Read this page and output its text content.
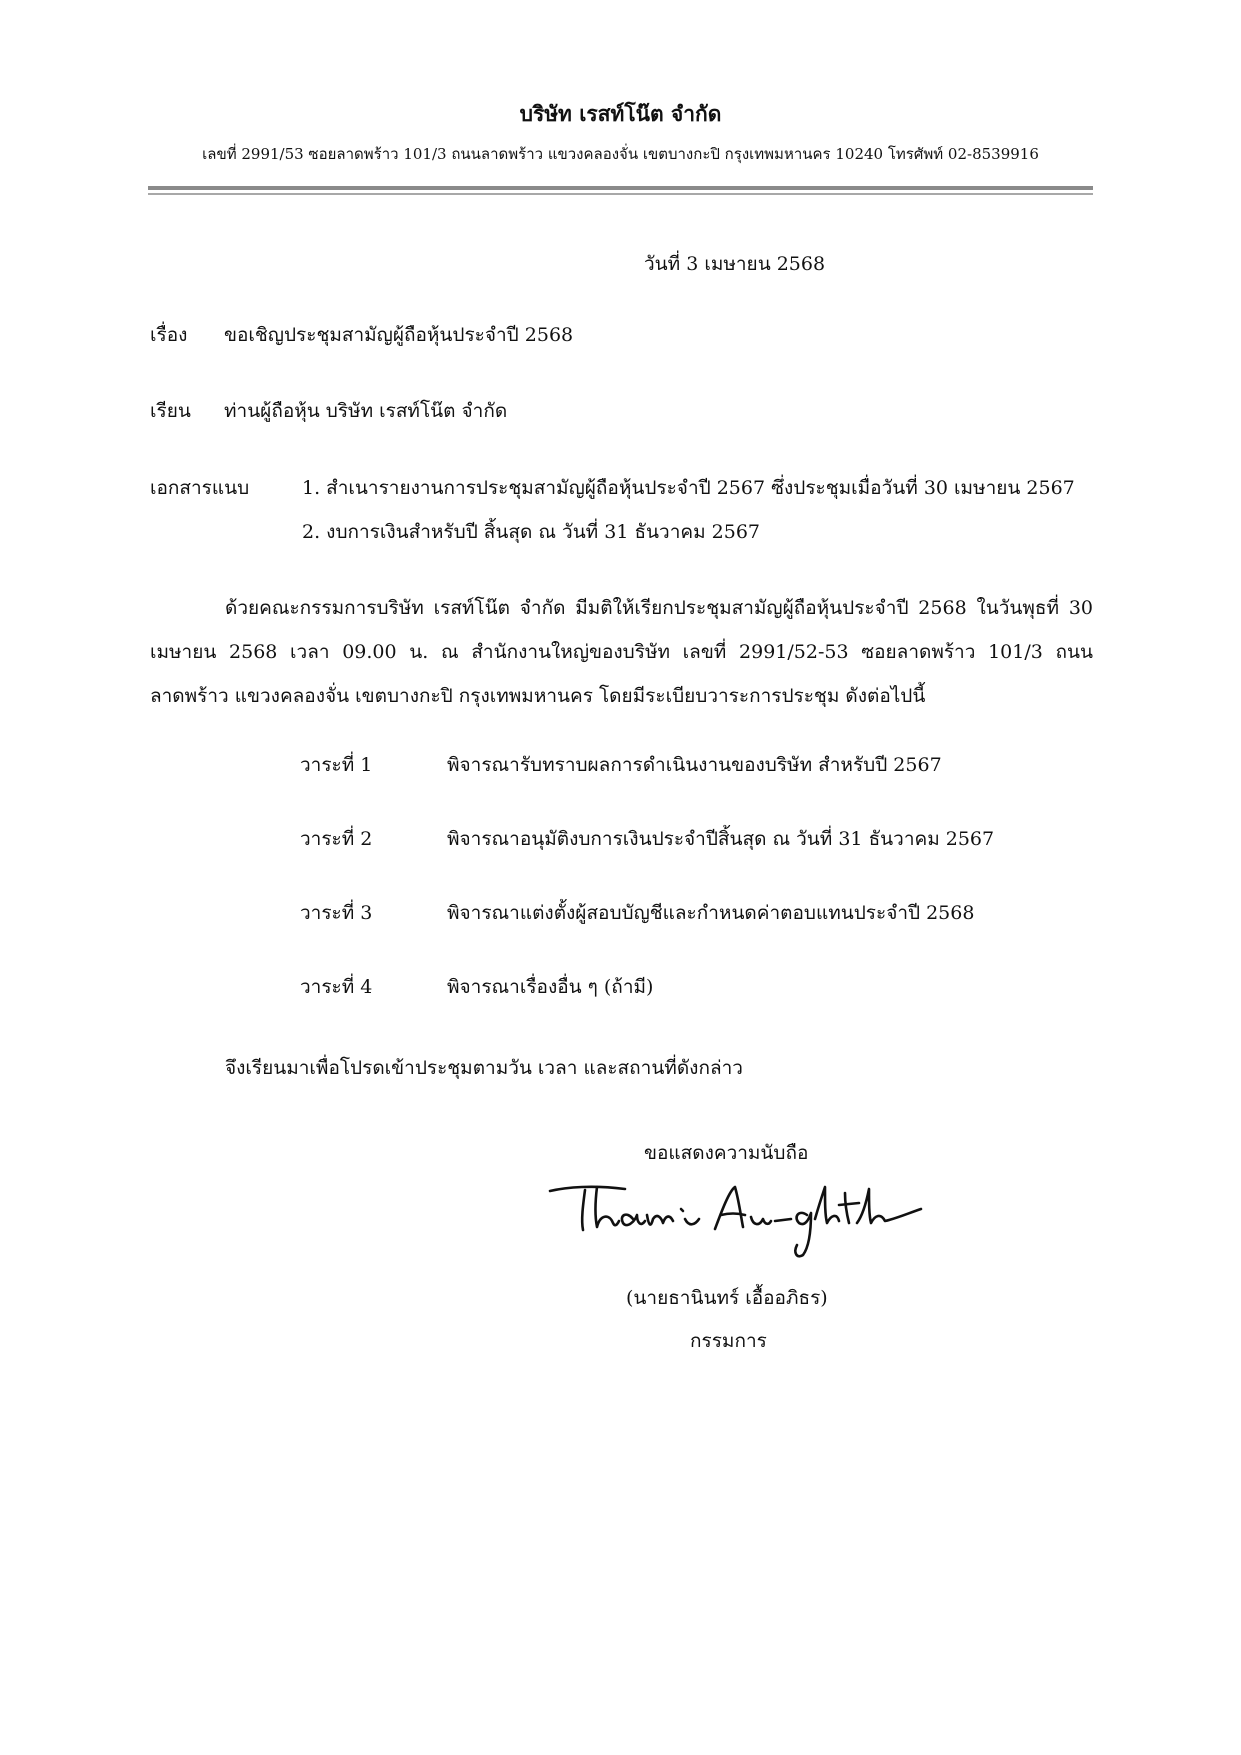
บริษัท เรสท์โน๊ต จำกัด
เลขที่ 2991/53 ซอยลาดพร้าว 101/3 ถนนลาดพร้าว แขวงคลองจั่น เขตบางกะปิ กรุงเทพมหานคร 10240 โทรศัพท์ 02-8539916
วันที่ 3 เมษายน 2568
เรื่อง ขอเชิญประชุมสามัญผู้ถือหุ้นประจำปี 2568
เรียน ท่านผู้ถือหุ้น บริษัท เรสท์โน๊ต จำกัด
เอกสารแนบ	1. สำเนารายงานการประชุมสามัญผู้ถือหุ้นประจำปี 2567 ซึ่งประชุมเมื่อวันที่ 30 เมษายน 2567
2. งบการเงินสำหรับปี สิ้นสุด ณ วันที่ 31 ธันวาคม 2567
ด้วยคณะกรรมการบริษัท เรสท์โน๊ต จำกัด มีมติให้เรียกประชุมสามัญผู้ถือหุ้นประจำปี 2568 ในวันพุธที่ 30 เมษายน 2568 เวลา 09.00 น. ณ สำนักงานใหญ่ของบริษัท เลขที่ 2991/52-53 ซอยลาดพร้าว 101/3 ถนนลาดพร้าว แขวงคลองจั่น เขตบางกะปิ กรุงเทพมหานคร โดยมีระเบียบวาระการประชุม ดังต่อไปนี้
วาระที่ 1	พิจารณารับทราบผลการดำเนินงานของบริษัท สำหรับปี 2567
วาระที่ 2	พิจารณาอนุมัติงบการเงินประจำปีสิ้นสุด ณ วันที่ 31 ธันวาคม 2567
วาระที่ 3	พิจารณาแต่งตั้งผู้สอบบัญชีและกำหนดค่าตอบแทนประจำปี 2568
วาระที่ 4	พิจารณาเรื่องอื่น ๆ (ถ้ามี)
จึงเรียนมาเพื่อโปรดเข้าประชุมตามวัน เวลา และสถานที่ดังกล่าว
ขอแสดงความนับถือ
(นายธานินทร์ เอื้ออภิธร)
กรรมการ
